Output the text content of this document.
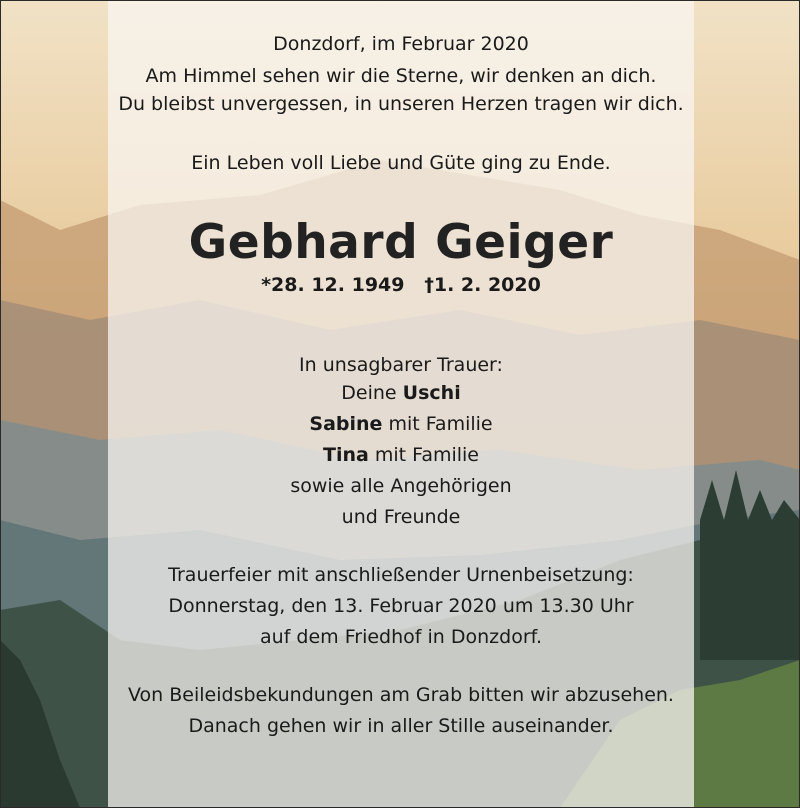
Donzdorf, im Februar 2020
Am Himmel sehen wir die Sterne, wir denken an dich.
Du bleibst unvergessen, in unseren Herzen tragen wir dich.
Ein Leben voll Liebe und Güte ging zu Ende.
Gebhard Geiger
*28. 12. 1949 †1. 2. 2020
In unsagbarer Trauer:
Deine Uschi
Sabine mit Familie
Tina mit Familie
sowie alle Angehörigen
und Freunde
Trauerfeier mit anschließender Urnenbeisetzung:
Donnerstag, den 13. Februar 2020 um 13.30 Uhr
auf dem Friedhof in Donzdorf.
Von Beileidsbekundungen am Grab bitten wir abzusehen.
Danach gehen wir in aller Stille auseinander.
